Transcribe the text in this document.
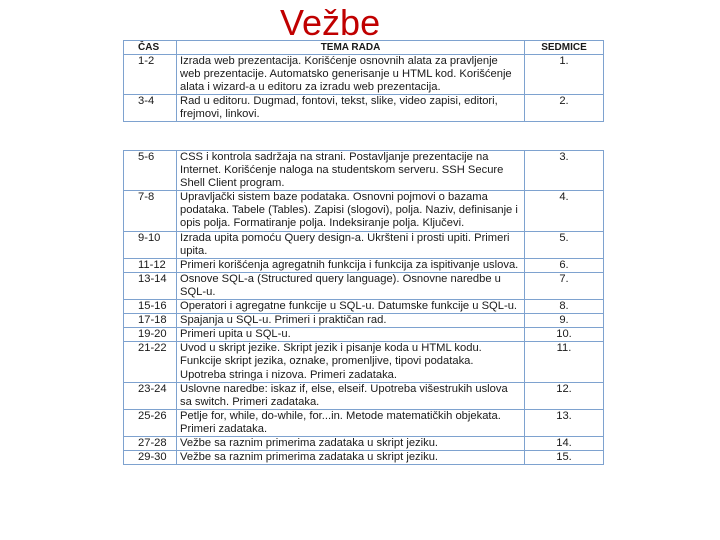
Vežbe
ČAS	TEMA RADA	SEDMICE
1-2	Izrada web prezentacija. Korišćenje osnovnih alata za pravljenje web prezentacije. Automatsko generisanje u HTML kod. Korišćenje alata i wizard-a u editoru za izradu web prezentacija.	1.
3-4	Rad u editoru. Dugmad, fontovi, tekst, slike, video zapisi, editori, frejmovi, linkovi.	2.
5-6	CSS i kontrola sadržaja na strani. Postavljanje prezentacije na Internet. Korišćenje naloga na studentskom serveru. SSH Secure Shell Client program.	3.
7-8	Upravljački sistem baze podataka. Osnovni pojmovi o bazama podataka. Tabele (Tables). Zapisi (slogovi), polja. Naziv, definisanje i opis polja. Formatiranje polja. Indeksiranje polja. Ključevi.	4.
9-10	Izrada upita pomoću Query design-a. Ukršteni i prosti upiti. Primeri upita.	5.
11-12	Primeri korišćenja agregatnih funkcija i funkcija za ispitivanje uslova.	6.
13-14	Osnove SQL-a (Structured query language). Osnovne naredbe u SQL-u.	7.
15-16	Operatori i agregatne funkcije u SQL-u. Datumske funkcije u SQL-u.	8.
17-18	Spajanja u SQL-u. Primeri i praktičan rad.	9.
19-20	Primeri upita u SQL-u.	10.
21-22	Uvod u skript jezike. Skript jezik i pisanje koda u HTML kodu. Funkcije skript jezika, oznake, promenljive, tipovi podataka. Upotreba stringa i nizova. Primeri zadataka.	11.
23-24	Uslovne naredbe: iskaz if, else, elseif. Upotreba višestrukih uslova sa switch. Primeri zadataka.	12.
25-26	Petlje for, while, do-while, for...in. Metode matematičkih objekata. Primeri zadataka.	13.
27-28	Vežbe sa raznim primerima zadataka u skript jeziku.	14.
29-30	Vežbe sa raznim primerima zadataka u skript jeziku.	15.
